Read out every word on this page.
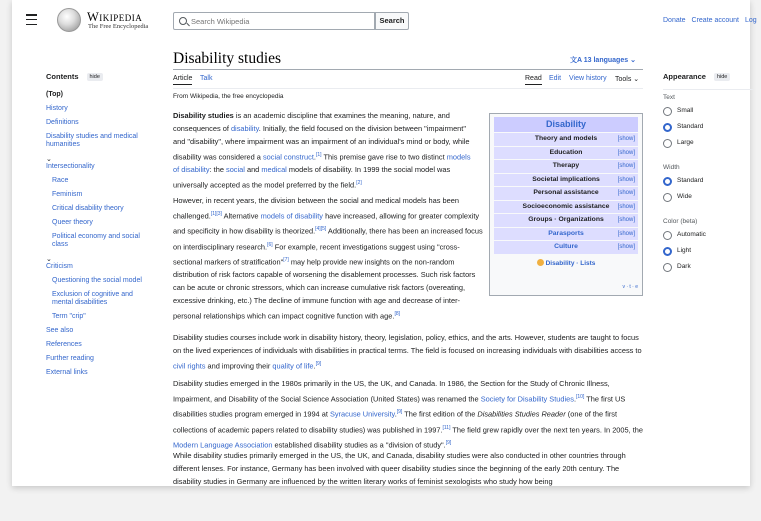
Wikipedia
The Free Encyclopedia
Search Wikipedia
Search	Donate Create account Log
Contents	hide
(Top)
History
Definitions
Disability studies and medical humanities
⌄
Intersectionality
Race
Feminism
Critical disability theory
Queer theory
Political economy and social class
⌄
Criticism
Questioning the social model
Exclusion of cognitive and mental disabilities
Term "crip"
See also
References
Further reading
External links
Disability studies	文A 13 languages ⌄
Article Talk	Read Edit View history Tools ⌄
From Wikipedia, the free encyclopedia
Disability studies is an academic discipline that examines the meaning, nature, and consequences of disability. Initially, the field focused on the division between "impairment" and "disability", where impairment was an impairment of an individual's mind or body, while disability was considered a social construct.[1] This premise gave rise to two distinct models of disability: the social and medical models of disability. In 1999 the social model was universally accepted as the model preferred by the field.[2]
However, in recent years, the division between the social and medical models has been challenged.[1][3] Alternative models of disability have increased, allowing for greater complexity and specificity in how disability is theorized.[4][5] Additionally, there has been an increased focus on interdisciplinary research.[6] For example, recent investigations suggest using "cross-sectional markers of stratification"[7] may help provide new insights on the non-random distribution of risk factors capable of worsening the disablement processes. Such risk factors can be acute or chronic stressors, which can increase cumulative risk factors (overeating, excessive drinking, etc.) The decline of immune function with age and decrease of inter-personal relationships which can impact cognitive function with age.[8]
Disability
Theory and models	[show]
Education	[show]
Therapy	[show]
Societal implications	[show]
Personal assistance	[show]
Socioeconomic assistance [show]
Groups · Organizations [show]
Parasports	[show]
Culture	[show]
Disability · Lists
v · t · e
Disability studies courses include work in disability history, theory, legislation, policy, ethics, and the arts. However, students are taught to focus on the lived experiences of individuals with disabilities in practical terms. The field is focused on increasing individuals with disabilities access to civil rights and improving their quality of life.[9]
Disability studies emerged in the 1980s primarily in the US, the UK, and Canada. In 1986, the Section for the Study of Chronic Illness, Impairment, and Disability of the Social Science Association (United States) was renamed the Society for Disability Studies.[10] The first US disabilities studies program emerged in 1994 at Syracuse University.[9] The first edition of the Disabilities Studies Reader (one of the first collections of academic papers related to disability studies) was published in 1997.[11] The field grew rapidly over the next ten years. In 2005, the Modern Language Association established disability studies as a "division of study".[9]
While disability studies primarily emerged in the US, the UK, and Canada, disability studies were also conducted in other countries through different lenses. For instance, Germany has been involved with queer disability studies since the beginning of the early 20th century. The disability studies in Germany are influenced by the written literary works of feminist sexologists who study how being
Appearance	hide
Text
Small
Standard
Large
Width
Standard
Wide
Color (beta)
Automatic
Light
Dark
